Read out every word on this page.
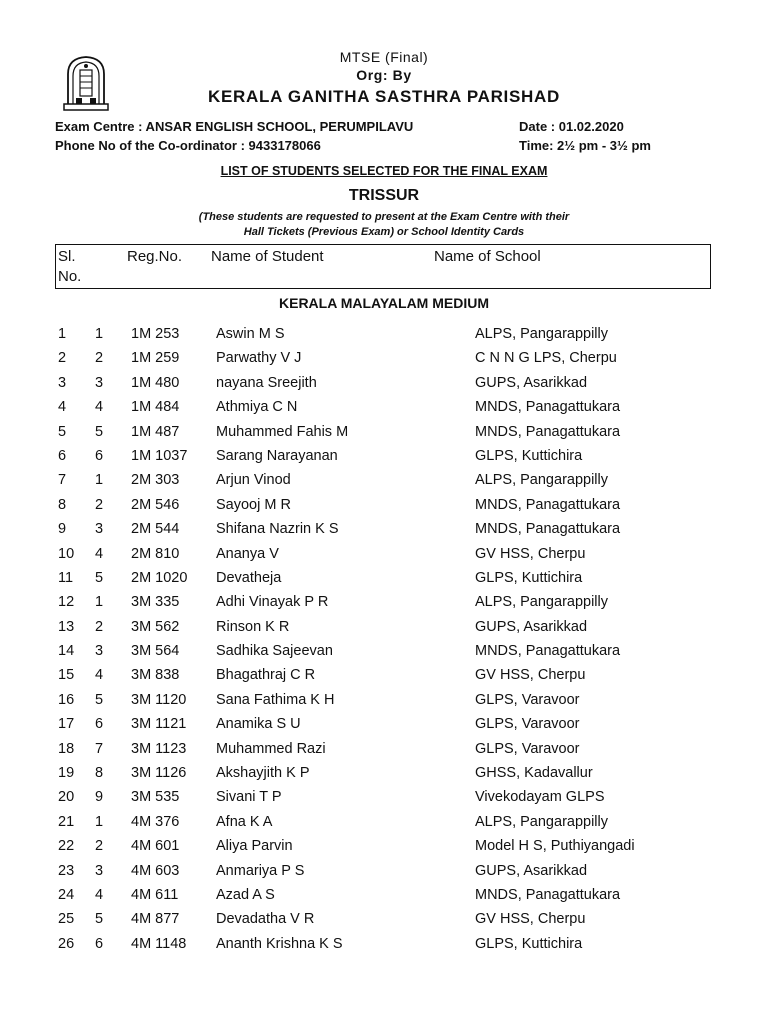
MTSE (Final)
Org: By
KERALA GANITHA SASTHRA PARISHAD
Exam Centre : ANSAR ENGLISH SCHOOL, PERUMPILAVU
Phone No of the Co-ordinator : 9433178066
Date : 01.02.2020
Time: 2½ pm - 3½ pm
LIST OF STUDENTS SELECTED FOR THE FINAL EXAM
TRISSUR
(These students are requested to present at the Exam Centre with their
Hall Tickets (Previous Exam) or School Identity Cards
Sl.
No.
Reg.No. Name of Student	Name of School
KERALA MALAYALAM MEDIUM
1 1 1M 253	Aswin M S	ALPS, Pangarappilly
2 2 1M 259	Parwathy V J	C N N G LPS, Cherpu
3 3 1M 480	nayana Sreejith	GUPS, Asarikkad
4 4 1M 484	Athmiya C N	MNDS, Panagattukara
5 5 1M 487	Muhammed Fahis M	MNDS, Panagattukara
6 6 1M 1037 Sarang Narayanan	GLPS, Kuttichira
7 1 2M 303	Arjun Vinod	ALPS, Pangarappilly
8 2 2M 546	Sayooj M R	MNDS, Panagattukara
9 3 2M 544	Shifana Nazrin K S	MNDS, Panagattukara
10 4 2M 810	Ananya V	GV HSS, Cherpu
11 5 2M 1020 Devatheja	GLPS, Kuttichira
12 1 3M 335	Adhi Vinayak P R	ALPS, Pangarappilly
13 2 3M 562	Rinson K R	GUPS, Asarikkad
14 3 3M 564	Sadhika Sajeevan	MNDS, Panagattukara
15 4 3M 838	Bhagathraj C R	GV HSS, Cherpu
16 5 3M 1120 Sana Fathima K H	GLPS, Varavoor
17 6 3M 1121 Anamika S U	GLPS, Varavoor
18 7 3M 1123 Muhammed Razi	GLPS, Varavoor
19 8 3M 1126 Akshayjith K P	GHSS, Kadavallur
20 9 3M 535	Sivani T P	Vivekodayam GLPS
21 1 4M 376	Afna K A	ALPS, Pangarappilly
22 2 4M 601	Aliya Parvin	Model H S, Puthiyangadi
23 3 4M 603	Anmariya P S	GUPS, Asarikkad
24 4 4M 611	Azad A S	MNDS, Panagattukara
25 5 4M 877	Devadatha V R	GV HSS, Cherpu
26 6 4M 1148 Ananth Krishna K S	GLPS, Kuttichira
